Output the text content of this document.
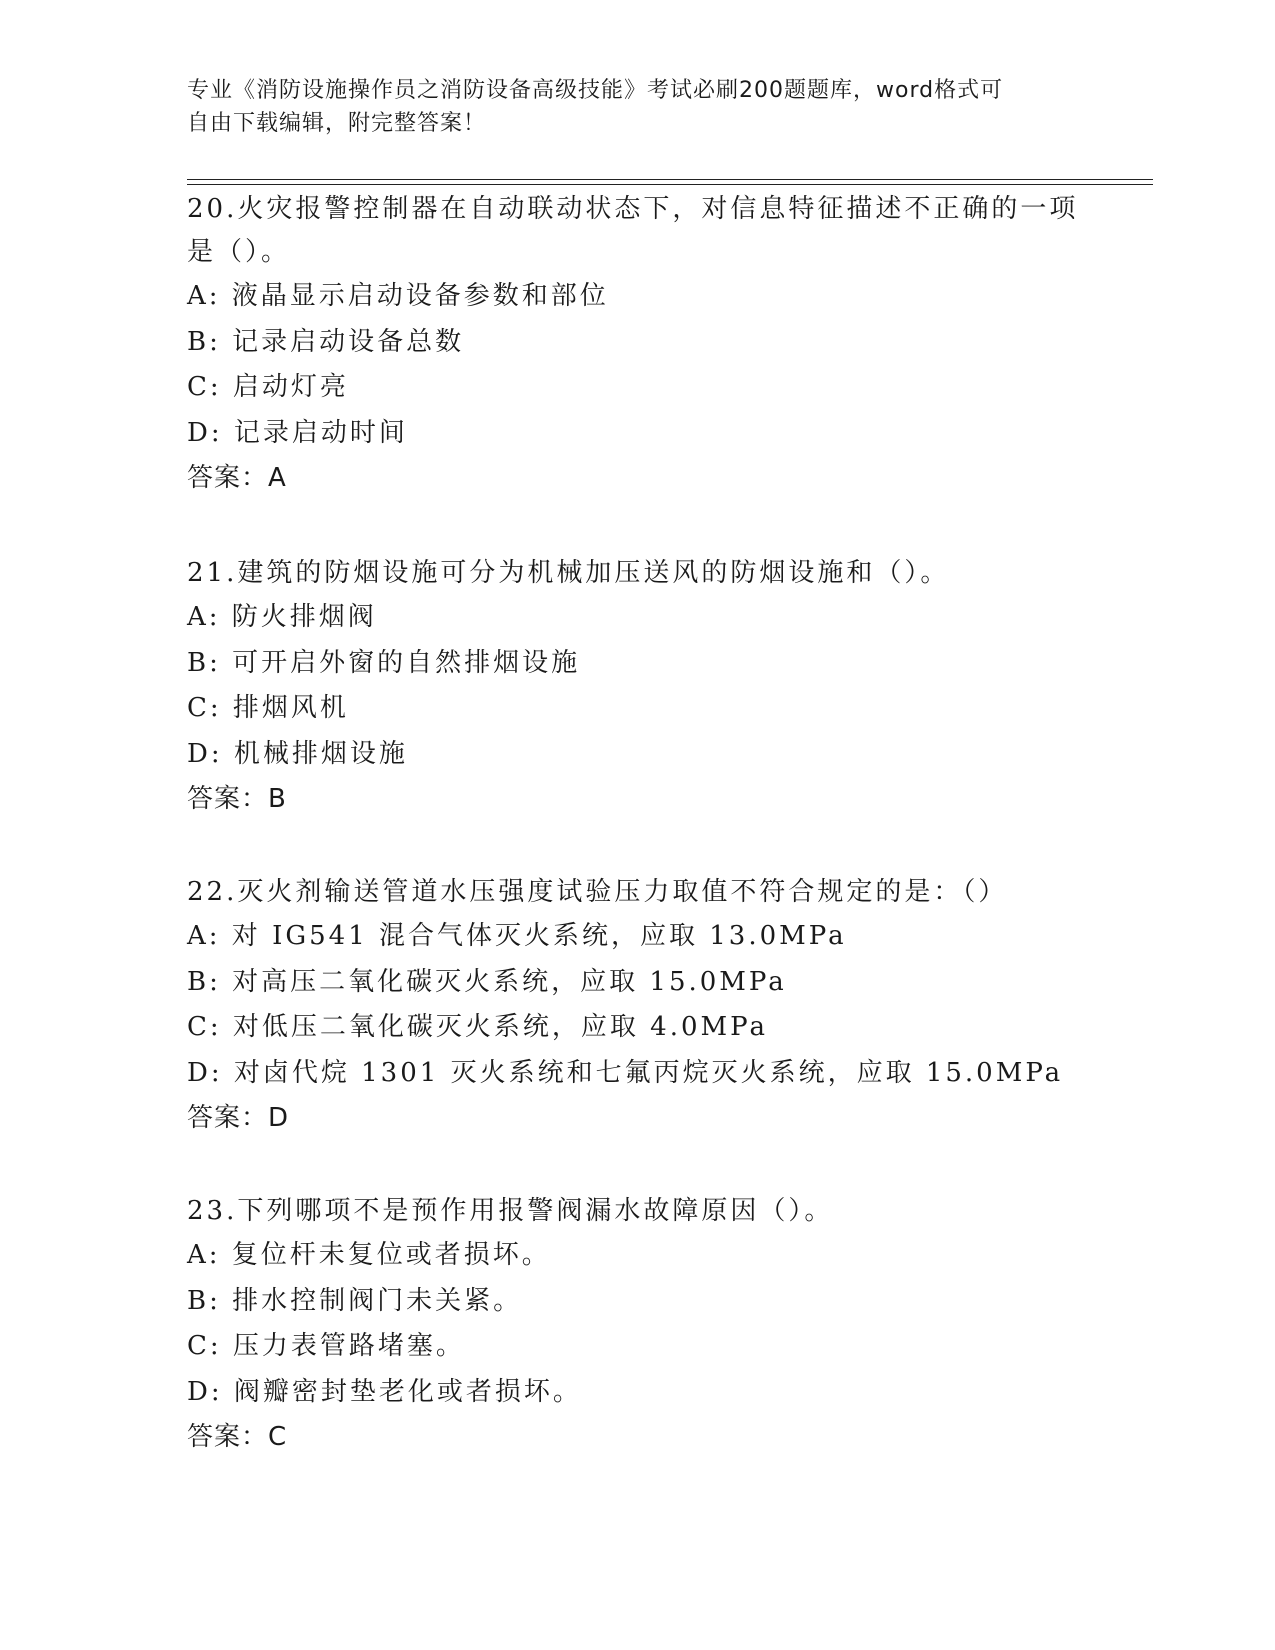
专业《消防设施操作员之消防设备高级技能》考试必刷200题题库，word格式可
自由下载编辑，附完整答案！
20.火灾报警控制器在自动联动状态下，对信息特征描述不正确的一项
是（）。
A: 液晶显示启动设备参数和部位
B: 记录启动设备总数
C: 启动灯亮
D: 记录启动时间
答案：A
21.建筑的防烟设施可分为机械加压送风的防烟设施和（）。
A: 防火排烟阀
B: 可开启外窗的自然排烟设施
C: 排烟风机
D: 机械排烟设施
答案：B
22.灭火剂输送管道水压强度试验压力取值不符合规定的是：（）
A: 对 IG541 混合气体灭火系统，应取 13.0MPa
B: 对高压二氧化碳灭火系统，应取 15.0MPa
C: 对低压二氧化碳灭火系统，应取 4.0MPa
D: 对卤代烷 1301 灭火系统和七氟丙烷灭火系统，应取 15.0MPa
答案：D
23.下列哪项不是预作用报警阀漏水故障原因（）。
A: 复位杆未复位或者损坏。
B: 排水控制阀门未关紧。
C: 压力表管路堵塞。
D: 阀瓣密封垫老化或者损坏。
答案：C
